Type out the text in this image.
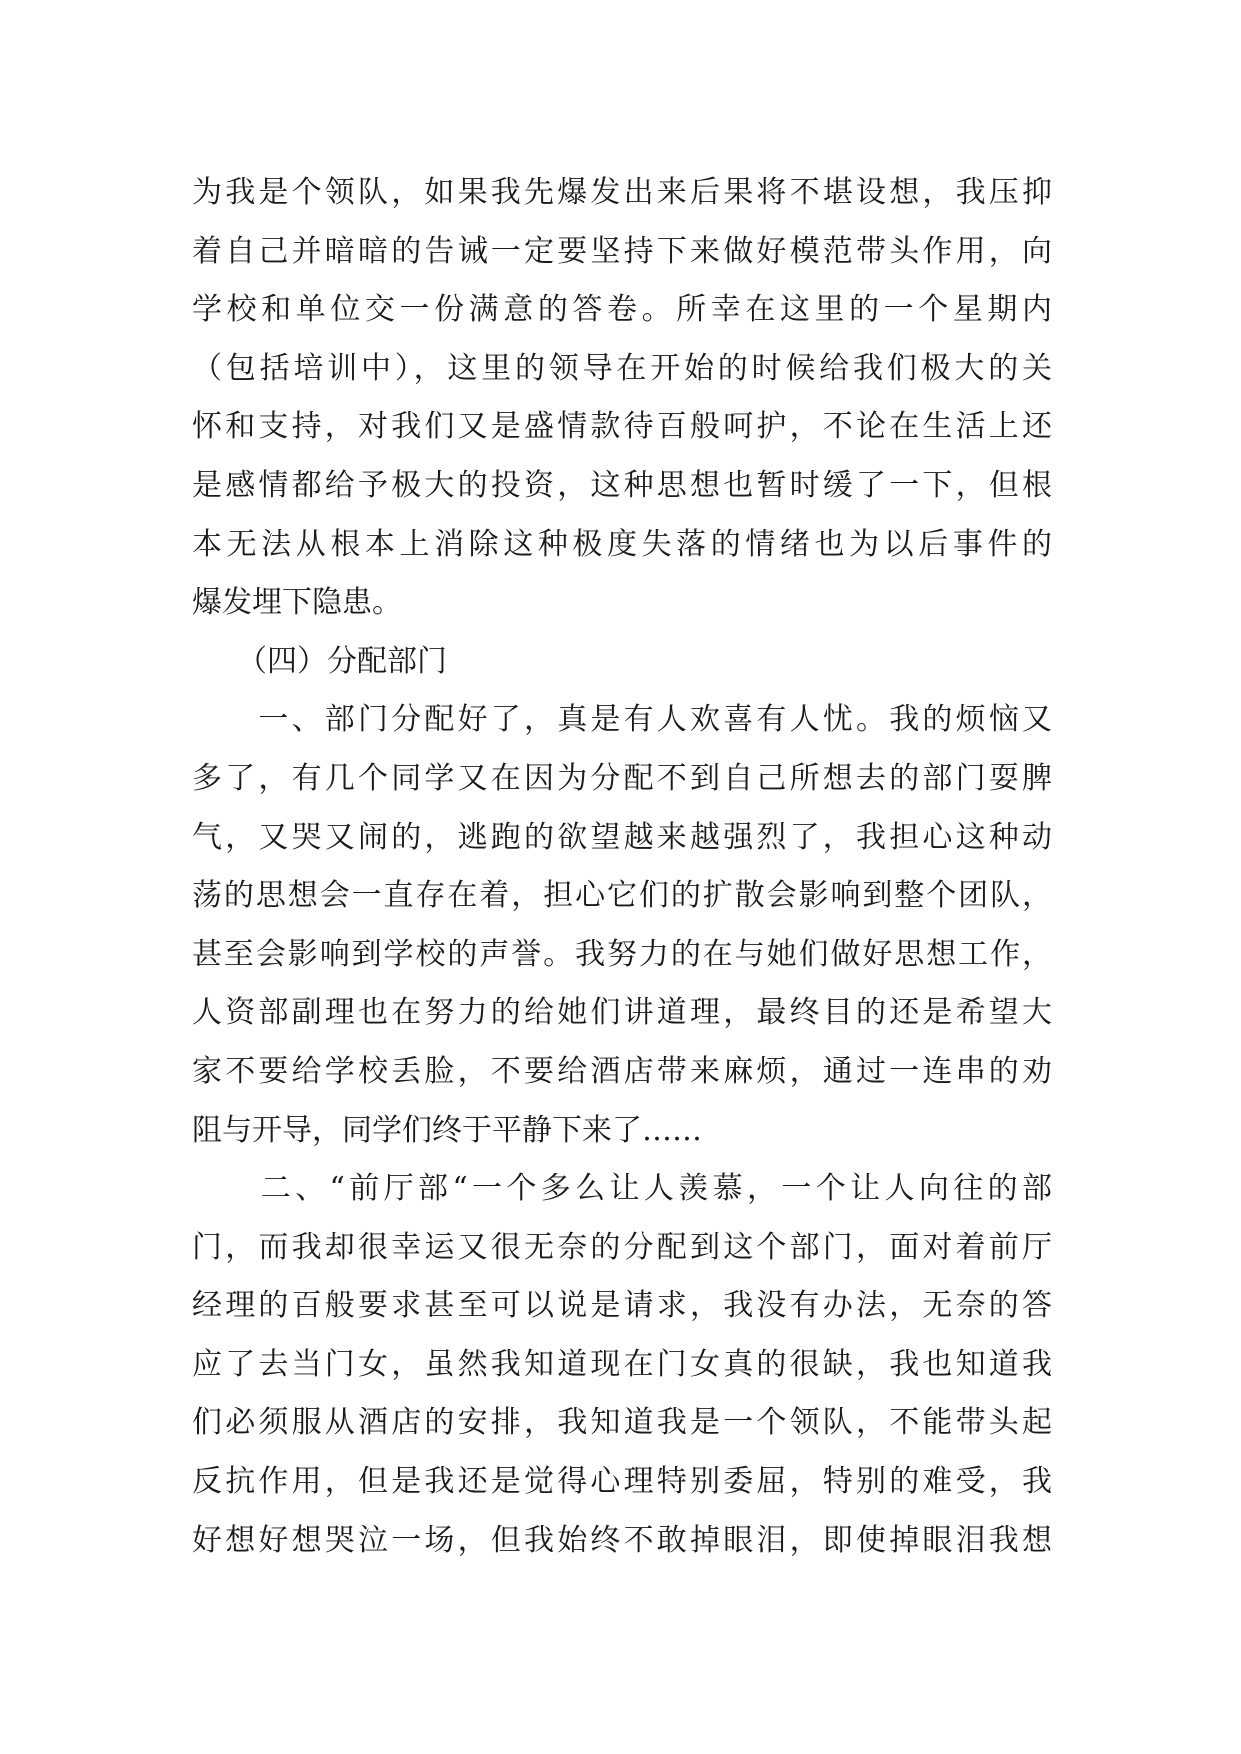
为我是个领队，如果我先爆发出来后果将不堪设想，我压抑
着自己并暗暗的告诫一定要坚持下来做好模范带头作用，向
学校和单位交一份满意的答卷。所幸在这里的一个星期内
（包括培训中），这里的领导在开始的时候给我们极大的关
怀和支持，对我们又是盛情款待百般呵护，不论在生活上还
是感情都给予极大的投资，这种思想也暂时缓了一下，但根
本无法从根本上消除这种极度失落的情绪也为以后事件的
爆发埋下隐患。
　　（四）分配部门
　　一、部门分配好了，真是有人欢喜有人忧。我的烦恼又
多了，有几个同学又在因为分配不到自己所想去的部门耍脾
气，又哭又闹的，逃跑的欲望越来越强烈了，我担心这种动
荡的思想会一直存在着，担心它们的扩散会影响到整个团队，
甚至会影响到学校的声誉。我努力的在与她们做好思想工作，
人资部副理也在努力的给她们讲道理，最终目的还是希望大
家不要给学校丢脸，不要给酒店带来麻烦，通过一连串的劝
阻与开导，同学们终于平静下来了……
　　二、“前厅部“一个多么让人羡慕，一个让人向往的部
门，而我却很幸运又很无奈的分配到这个部门，面对着前厅
经理的百般要求甚至可以说是请求，我没有办法，无奈的答
应了去当门女，虽然我知道现在门女真的很缺，我也知道我
们必须服从酒店的安排，我知道我是一个领队，不能带头起
反抗作用，但是我还是觉得心理特别委屈，特别的难受，我
好想好想哭泣一场，但我始终不敢掉眼泪，即使掉眼泪我想
